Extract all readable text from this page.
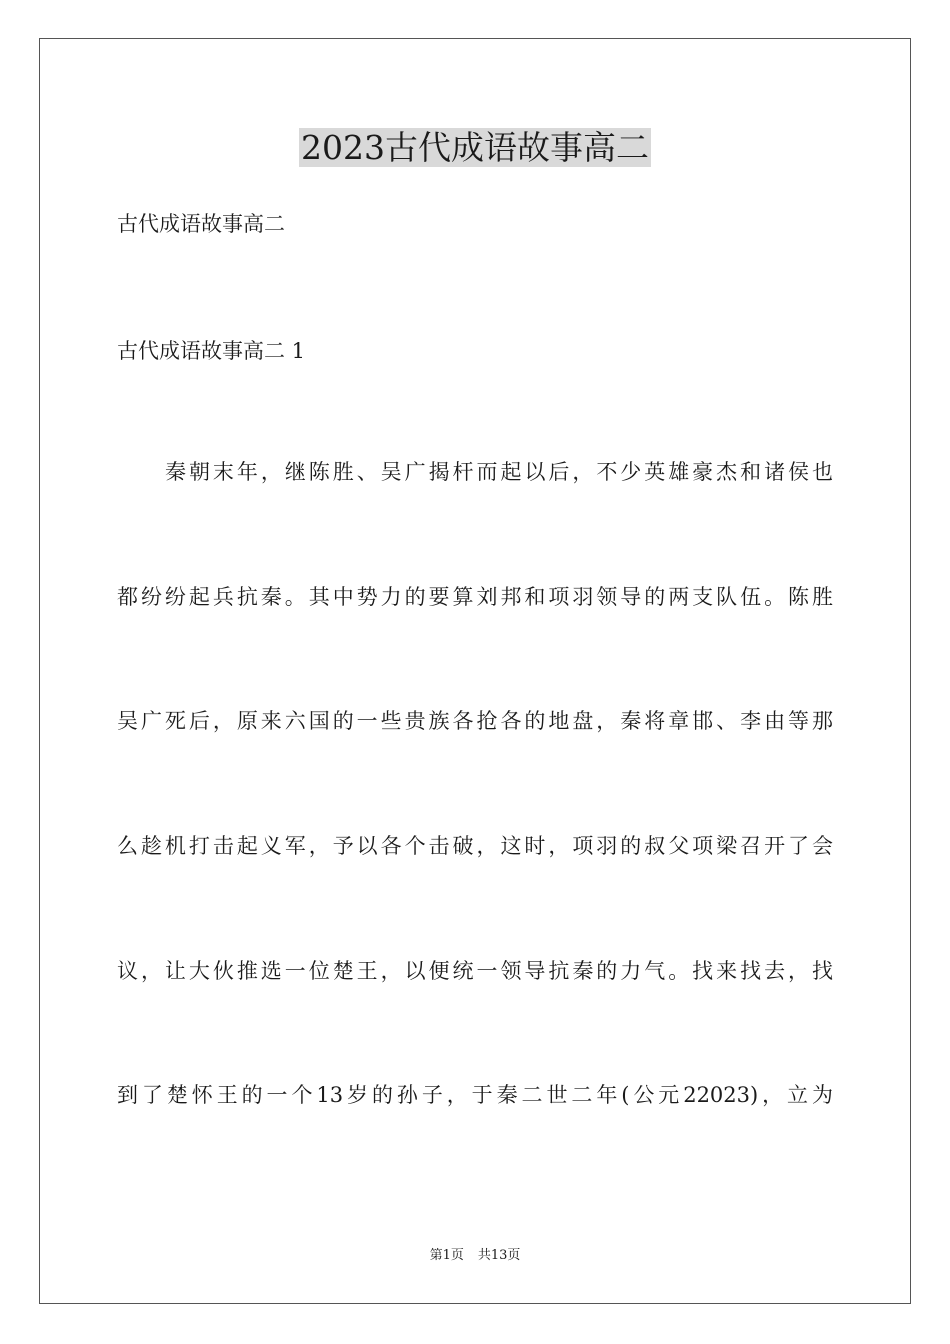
2023古代成语故事高二

古代成语故事高二

古代成语故事高二 1

秦朝末年，继陈胜、吴广揭杆而起以后，不少英雄豪杰和诸侯也

都纷纷起兵抗秦。其中势力的要算刘邦和项羽领导的两支队伍。陈胜

吴广死后，原来六国的一些贵族各抢各的地盘，秦将章邯、李由等那

么趁机打击起义军，予以各个击破，这时，项羽的叔父项梁召开了会

议，让大伙推选一位楚王，以便统一领导抗秦的力气。找来找去，找

到了楚怀王的一个13岁的孙子，于秦二世二年(公元22023)，立为

第1页 共13页
